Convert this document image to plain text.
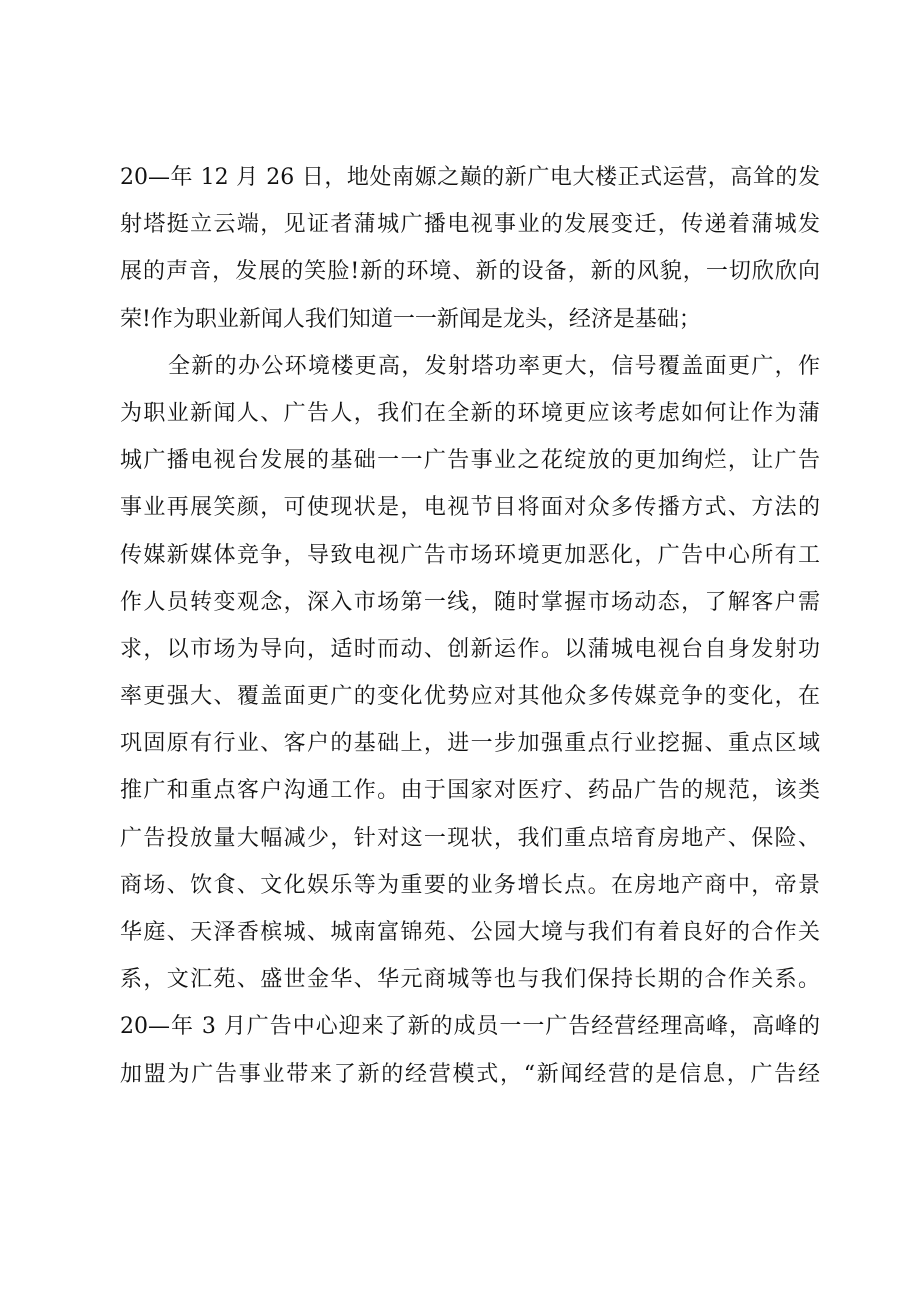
20—年 12 月 26 日，地处南嫄之巅的新广电大楼正式运营，高耸的发
射塔挺立云端，见证者蒲城广播电视事业的发展变迁，传递着蒲城发
展的声音，发展的笑脸!新的环境、新的设备，新的风貌，一切欣欣向
荣!作为职业新闻人我们知道一一新闻是龙头，经济是基础；
全新的办公环境楼更高，发射塔功率更大，信号覆盖面更广，作
为职业新闻人、广告人，我们在全新的环境更应该考虑如何让作为蒲
城广播电视台发展的基础一一广告事业之花绽放的更加绚烂，让广告
事业再展笑颜，可使现状是，电视节目将面对众多传播方式、方法的
传媒新媒体竞争，导致电视广告市场环境更加恶化，广告中心所有工
作人员转变观念，深入市场第一线，随时掌握市场动态，了解客户需
求，以市场为导向，适时而动、创新运作。以蒲城电视台自身发射功
率更强大、覆盖面更广的变化优势应对其他众多传媒竞争的变化，在
巩固原有行业、客户的基础上，进一步加强重点行业挖掘、重点区域
推广和重点客户沟通工作。由于国家对医疗、药品广告的规范，该类
广告投放量大幅减少，针对这一现状，我们重点培育房地产、保险、
商场、饮食、文化娱乐等为重要的业务增长点。在房地产商中，帝景
华庭、天泽香槟城、城南富锦苑、公园大境与我们有着良好的合作关
系，文汇苑、盛世金华、华元商城等也与我们保持长期的合作关系。
20—年 3 月广告中心迎来了新的成员一一广告经营经理高峰，高峰的
加盟为广告事业带来了新的经营模式，“新闻经营的是信息，广告经
